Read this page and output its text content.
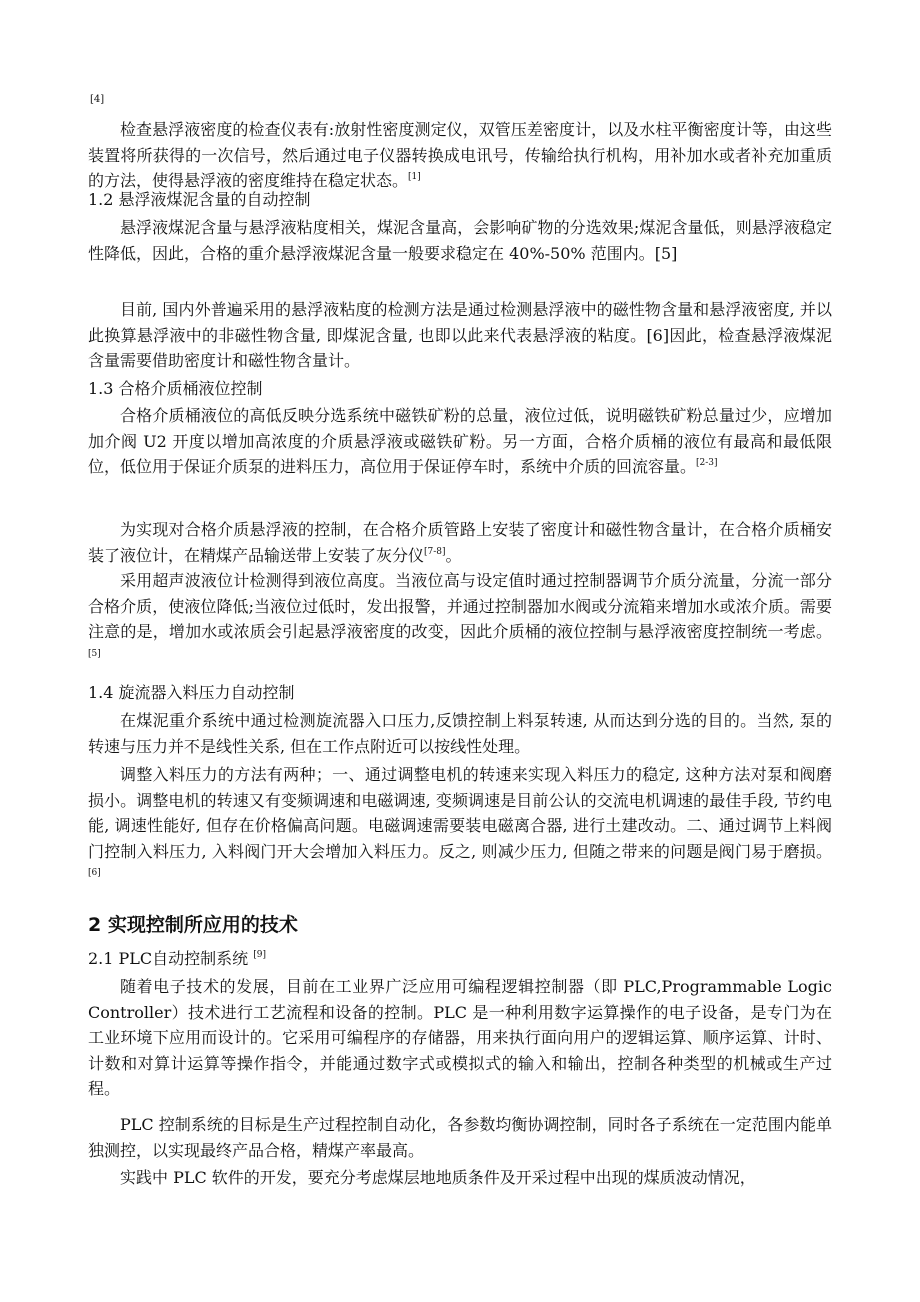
[4]

检查悬浮液密度的检查仪表有:放射性密度测定仪，双管压差密度计，以及水柱平衡密度计等，由这些装置将所获得的一次信号，然后通过电子仪器转换成电讯号，传输给执行机构，用补加水或者补充加重质的方法，使得悬浮液的密度维持在稳定状态。[1]

1.2 悬浮液煤泥含量的自动控制

悬浮液煤泥含量与悬浮液粘度相关，煤泥含量高，会影响矿物的分选效果;煤泥含量低，则悬浮液稳定性降低，因此，合格的重介悬浮液煤泥含量一般要求稳定在 40%-50% 范围内。[5]

目前, 国内外普遍采用的悬浮液粘度的检测方法是通过检测悬浮液中的磁性物含量和悬浮液密度, 并以此换算悬浮液中的非磁性物含量, 即煤泥含量, 也即以此来代表悬浮液的粘度。[6]因此，检查悬浮液煤泥含量需要借助密度计和磁性物含量计。

1.3 合格介质桶液位控制

合格介质桶液位的高低反映分选系统中磁铁矿粉的总量，液位过低，说明磁铁矿粉总量过少，应增加加介阀 U2 开度以增加高浓度的介质悬浮液或磁铁矿粉。另一方面，合格介质桶的液位有最高和最低限位，低位用于保证介质泵的进料压力，高位用于保证停车时，系统中介质的回流容量。[2-3]

为实现对合格介质悬浮液的控制，在合格介质管路上安装了密度计和磁性物含量计，在合格介质桶安装了液位计，在精煤产品输送带上安装了灰分仪[7-8]。

采用超声波液位计检测得到液位高度。当液位高与设定值时通过控制器调节介质分流量，分流一部分合格介质，使液位降低;当液位过低时，发出报警，并通过控制器加水阀或分流箱来增加水或浓介质。需要注意的是，增加水或浓质会引起悬浮液密度的改变，因此介质桶的液位控制与悬浮液密度控制统一考虑。[5]

1.4 旋流器入料压力自动控制

在煤泥重介系统中通过检测旋流器入口压力,反馈控制上料泵转速, 从而达到分选的目的。当然, 泵的转速与压力并不是线性关系, 但在工作点附近可以按线性处理。

调整入料压力的方法有两种；一、通过调整电机的转速来实现入料压力的稳定, 这种方法对泵和阀磨损小。调整电机的转速又有变频调速和电磁调速, 变频调速是目前公认的交流电机调速的最佳手段, 节约电能, 调速性能好, 但存在价格偏高问题。电磁调速需要装电磁离合器, 进行土建改动。二、通过调节上料阀门控制入料压力, 入料阀门开大会增加入料压力。反之, 则减少压力, 但随之带来的问题是阀门易于磨损。[6]

2 实现控制所应用的技术
2.1 PLC自动控制系统 [9]

随着电子技术的发展，目前在工业界广泛应用可编程逻辑控制器（即 PLC,Programmable Logic Controller）技术进行工艺流程和设备的控制。PLC 是一种利用数字运算操作的电子设备，是专门为在工业环境下应用而设计的。它采用可编程序的存储器，用来执行面向用户的逻辑运算、顺序运算、计时、计数和对算计运算等操作指令，并能通过数字式或模拟式的输入和输出，控制各种类型的机械或生产过程。

PLC 控制系统的目标是生产过程控制自动化，各参数均衡协调控制，同时各子系统在一定范围内能单独测控，以实现最终产品合格，精煤产率最高。

实践中 PLC 软件的开发，要充分考虑煤层地地质条件及开采过程中出现的煤质波动情况，
